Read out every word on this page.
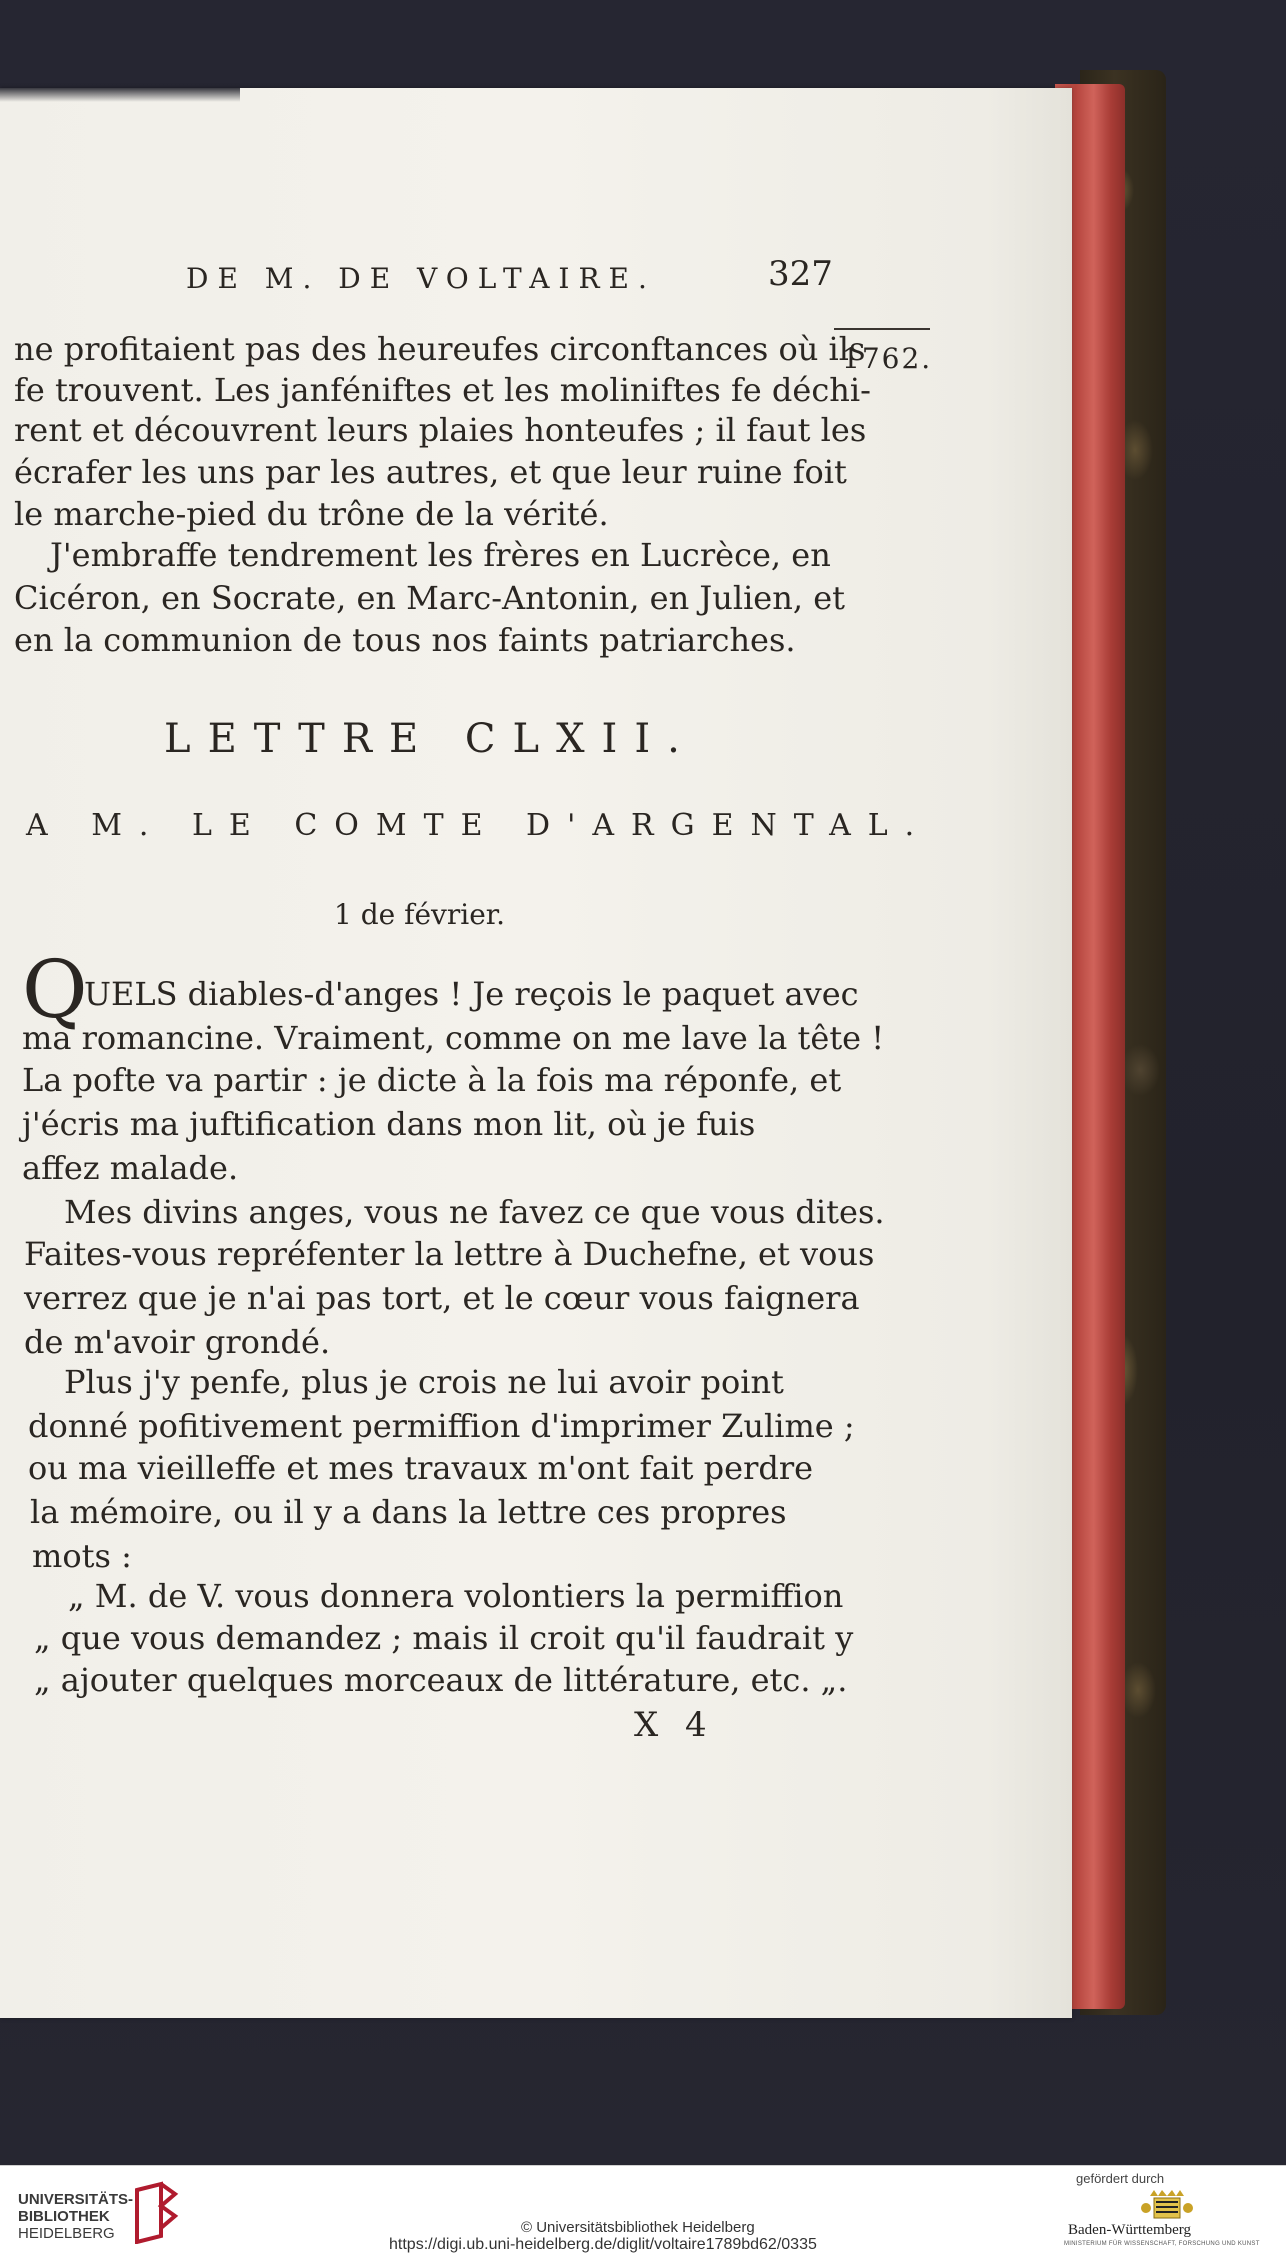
DE M. DE VOLTAIRE.	327
1762.
ne profitaient pas des heureufes circonftances où ils
fe trouvent. Les janféniftes et les moliniftes fe déchi-
rent et découvrent leurs plaies honteufes ; il faut les
écrafer les uns par les autres, et que leur ruine foit
le marche-pied du trône de la vérité.
J'embraffe tendrement les frères en Lucrèce, en
Cicéron, en Socrate, en Marc-Antonin, en Julien, et
en la communion de tous nos faints patriarches.
LETTRE CLXII.
A M. LE COMTE D'ARGENTAL.
1 de février.
Q
UELS diables-d'anges ! Je reçois le paquet avec
ma romancine. Vraiment, comme on me lave la tête !
La pofte va partir : je dicte à la fois ma réponfe, et
j'écris ma juftification dans mon lit, où je fuis
affez malade.
Mes divins anges, vous ne favez ce que vous dites.
Faites-vous repréfenter la lettre à Duchefne, et vous
verrez que je n'ai pas tort, et le cœur vous faignera
de m'avoir grondé.
Plus j'y penfe, plus je crois ne lui avoir point
donné pofitivement permiffion d'imprimer Zulime ;
ou ma vieilleffe et mes travaux m'ont fait perdre
la mémoire, ou il y a dans la lettre ces propres
mots :
„ M. de V. vous donnera volontiers la permiffion
„ que vous demandez ; mais il croit qu'il faudrait y
„ ajouter quelques morceaux de littérature, etc. „.
X 4
UNIVERSITÄTS-
BIBLIOTHEK
HEIDELBERG	© Universitätsbibliothek Heidelberg
https://digi.ub.uni-heidelberg.de/diglit/voltaire1789bd62/0335
gefördert durch
Baden-Württemberg
MINISTERIUM FÜR WISSENSCHAFT, FORSCHUNG UND KUNST
